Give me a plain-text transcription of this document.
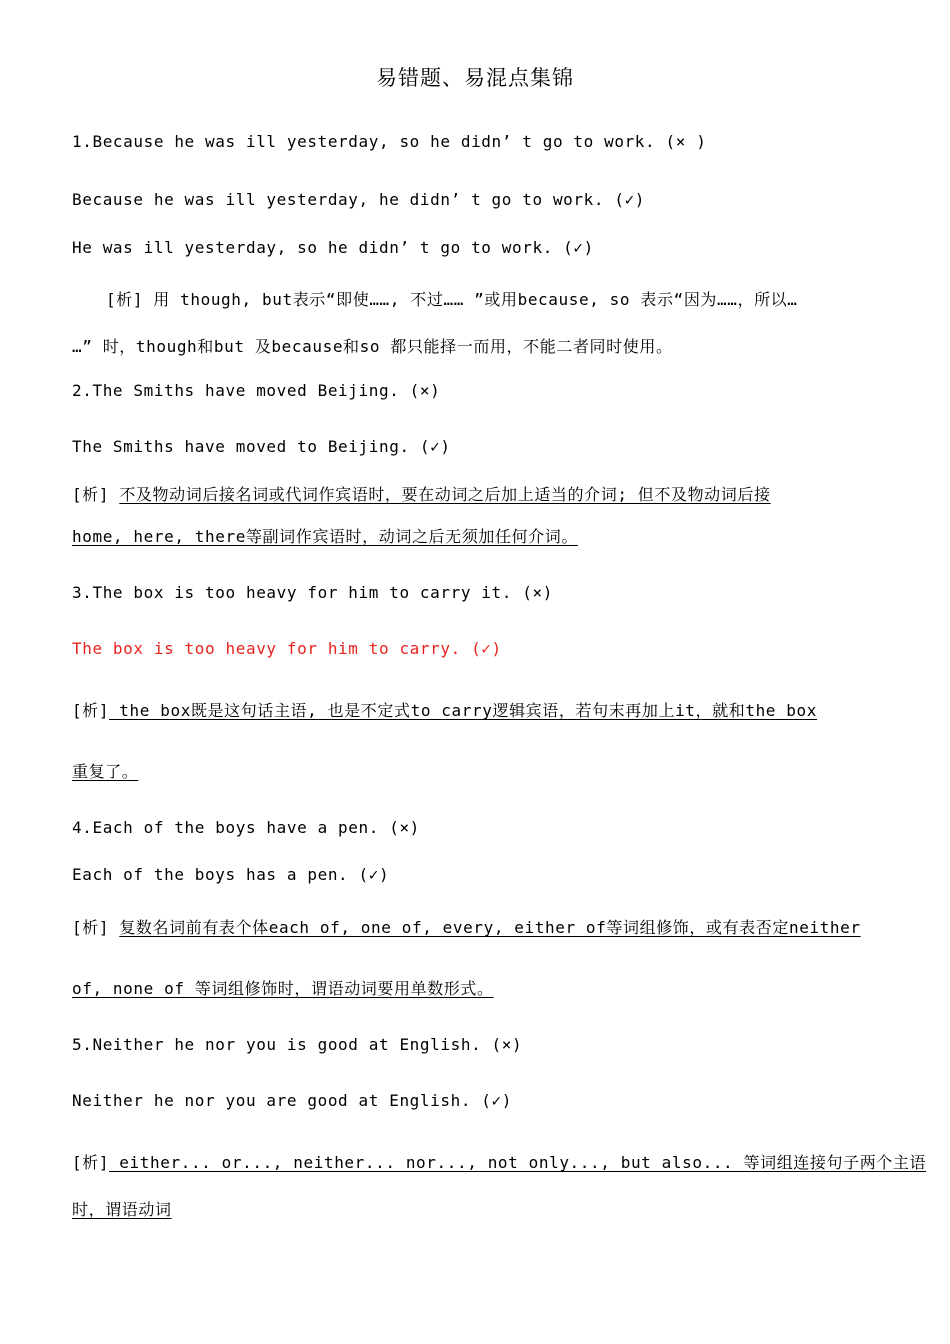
易错题、易混点集锦
1.Because he was ill yesterday, so he didn’ t go to work. (× )
Because he was ill yesterday, he didn’ t go to work. (✓)
He was ill yesterday, so he didn’ t go to work. (✓)
[析] 用 though, but表示“即使……, 不过…… ”或用because, so 表示“因为……，所以…
…” 时，though和but 及because和so 都只能择一而用，不能二者同时使用。
2.The Smiths have moved Beijing. (×)
The Smiths have moved to Beijing. (✓)
[析] 不及物动词后接名词或代词作宾语时，要在动词之后加上适当的介词; 但不及物动词后接
home, here, there等副词作宾语时，动词之后无须加任何介词。
3.The box is too heavy for him to carry it. (×)
The box is too heavy for him to carry. (✓)
[析] the box既是这句话主语, 也是不定式to carry逻辑宾语，若句末再加上it，就和the box
重复了。
4.Each of the boys have a pen. (×)
Each of the boys has a pen. (✓)
[析] 复数名词前有表个体each of, one of, every, either of等词组修饰，或有表否定neither
of, none of 等词组修饰时，谓语动词要用单数形式。
5.Neither he nor you is good at English. (×)
Neither he nor you are good at English. (✓)
[析] either... or..., neither... nor..., not only..., but also... 等词组连接句子两个主语
时，谓语动词
